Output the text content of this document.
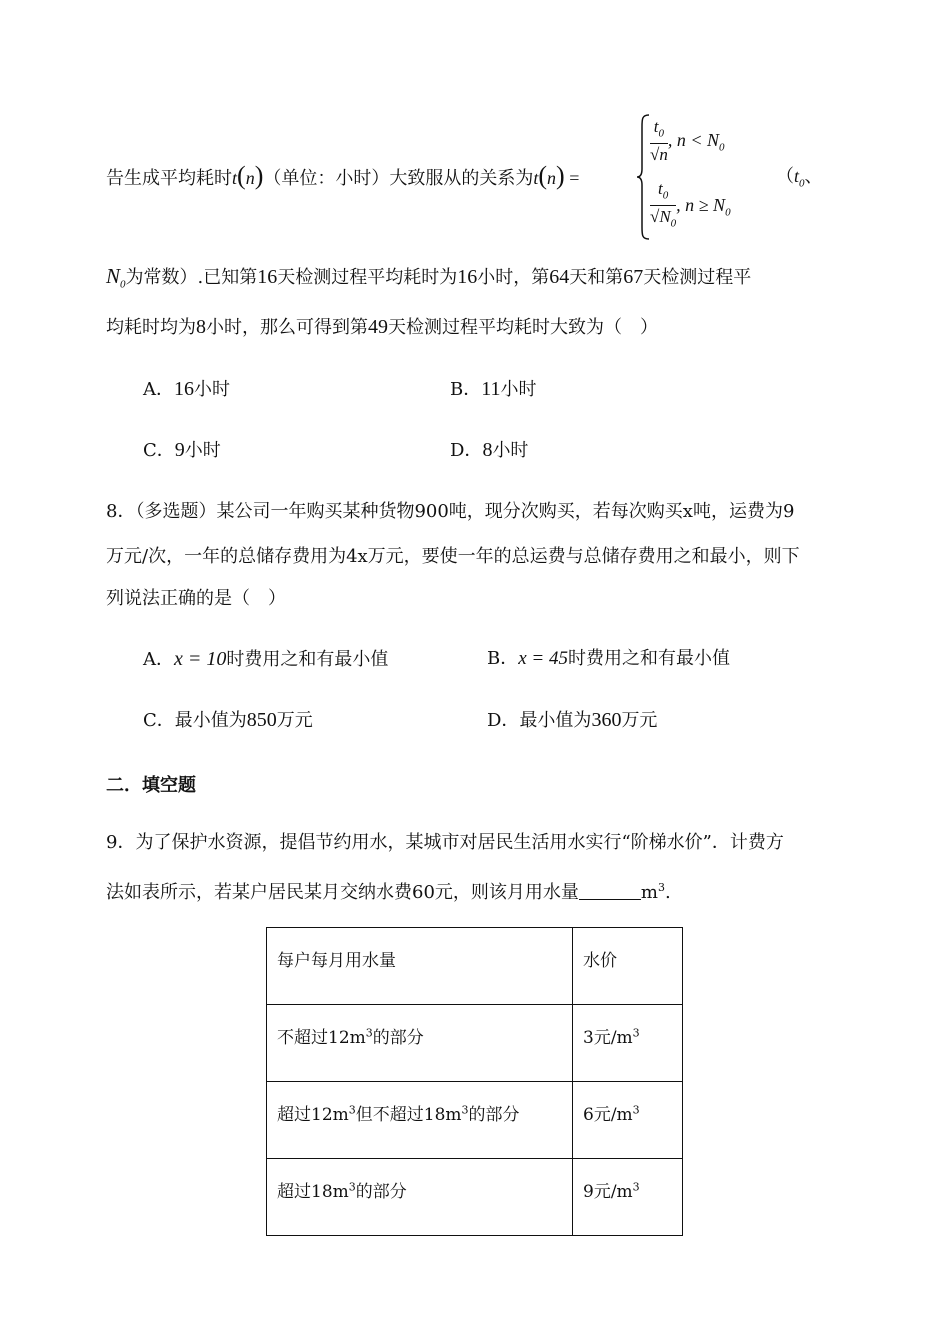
告生成平均耗时t(n)（单位：小时）大致服从的关系为t(n) =
$\frac{t_0}{√n}$ , $n < N_0$
$\frac{t_0}{√N_0}$ , $n \ge N_0$
（$t_0$、
$N_0$为常数）.已知第16天检测过程平均耗时为16小时，第64天和第67天检测过程平
均耗时均为8小时，那么可得到第49天检测过程平均耗时大致为（　）
A．16小时	B．11小时
C．9小时	D．8小时
8．（多选题）某公司一年购买某种货物900吨，现分次购买，若每次购买x吨，运费为9
万元/次，一年的总储存费用为4x万元，要使一年的总运费与总储存费用之和最小，则下
列说法正确的是（　）
A．x = 10时费用之和有最小值	B．x = 45时费用之和有最小值
C．最小值为850万元	D．最小值为360万元
二．填空题
9．为了保护水资源，提倡节约用水，某城市对居民生活用水实行“阶梯水价”．计费方
法如表所示，若某户居民某月交纳水费60元，则该月用水量	$m^3$.
每户每月用水量	水价
不超过$12m^3$的部分	3元$/m^3$
超过$12m^3$但不超过$18m^3$的部分	6元$/m^3$
超过$18m^3$的部分	9元$/m^3$
